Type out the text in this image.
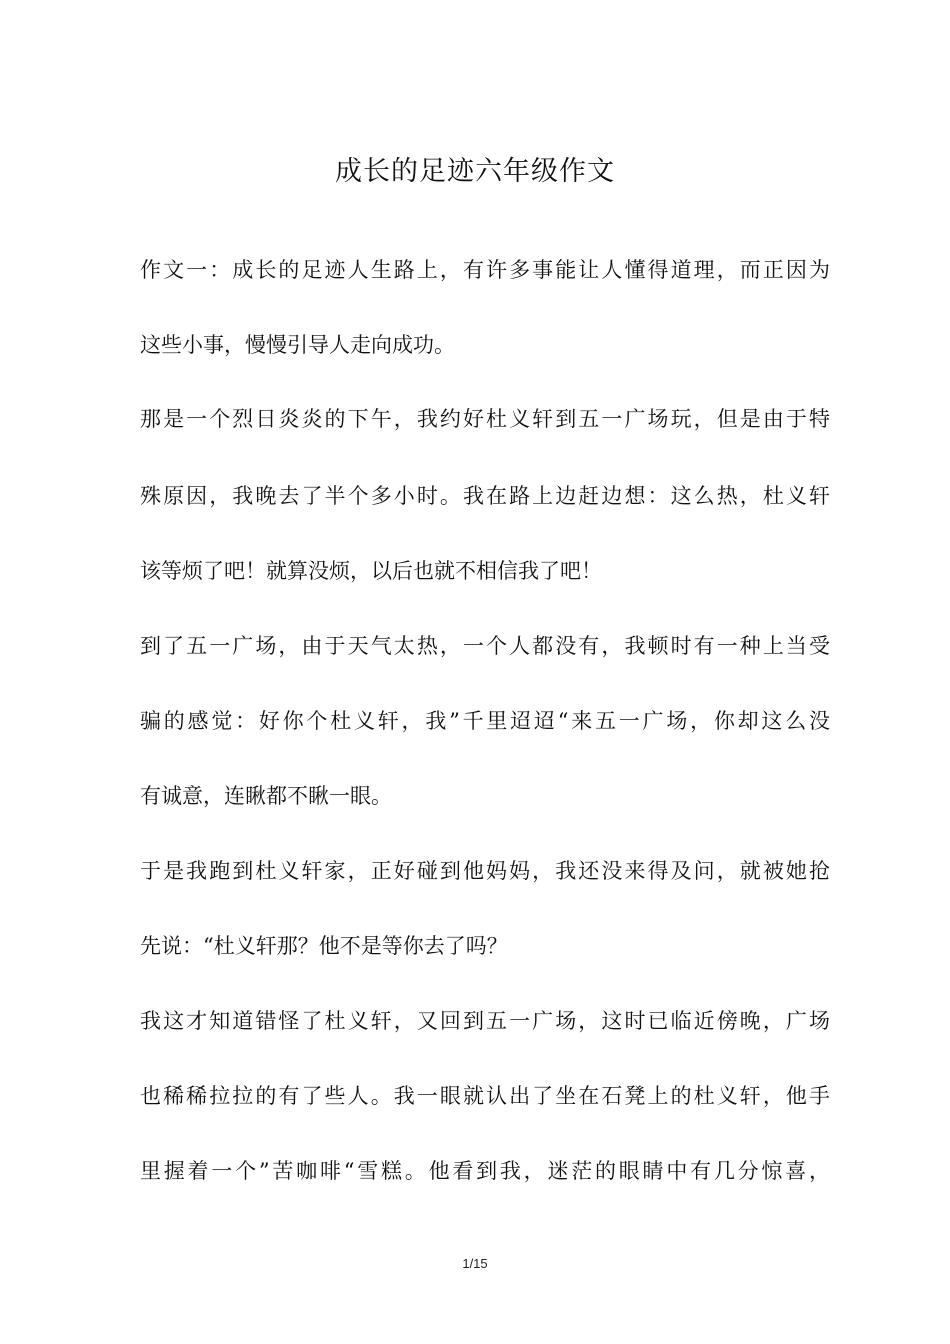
成长的足迹六年级作文
作文一：成长的足迹人生路上，有许多事能让人懂得道理，而正因为
这些小事，慢慢引导人走向成功。
那是一个烈日炎炎的下午，我约好杜义轩到五一广场玩，但是由于特
殊原因，我晚去了半个多小时。我在路上边赶边想：这么热，杜义轩
该等烦了吧！就算没烦，以后也就不相信我了吧！
到了五一广场，由于天气太热，一个人都没有，我顿时有一种上当受
骗的感觉：好你个杜义轩，我”千里迢迢“来五一广场，你却这么没
有诚意，连瞅都不瞅一眼。
于是我跑到杜义轩家，正好碰到他妈妈，我还没来得及问，就被她抢
先说：“杜义轩那？他不是等你去了吗？
我这才知道错怪了杜义轩，又回到五一广场，这时已临近傍晚，广场
也稀稀拉拉的有了些人。我一眼就认出了坐在石凳上的杜义轩，他手
里握着一个”苦咖啡“雪糕。他看到我，迷茫的眼睛中有几分惊喜，
1/15
